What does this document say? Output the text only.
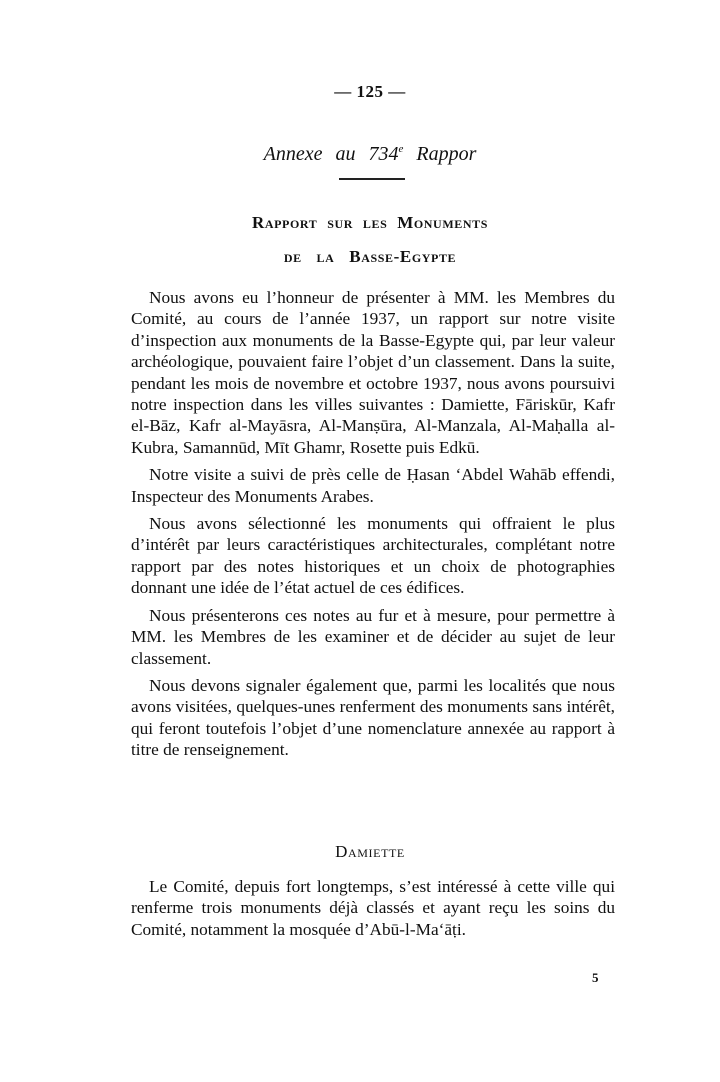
— 125 —
Annexe au 734e Rappor
Rapport sur les Monuments
de la Basse-Egypte

Nous avons eu l’honneur de présenter à MM. les Membres du Comité, au cours de l’année 1937, un rapport sur notre visite d’inspection aux monuments de la Basse-Egypte qui, par leur valeur archéologique, pouvaient faire l’objet d’un classement. Dans la suite, pendant les mois de novembre et octobre 1937, nous avons poursuivi notre inspection dans les villes suivantes : Damiette, Fāriskūr, Kafr el-Bāz, Kafr al-Mayāsra, Al-Manṣūra, Al-Manzala, Al-Maḥalla al-Kubra, Samannūd, Mīt Ghamr, Rosette puis Edkū.

Notre visite a suivi de près celle de Ḥasan ‘Abdel Wahāb effendi, Inspecteur des Monuments Arabes.

Nous avons sélectionné les monuments qui offraient le plus d’intérêt par leurs caractéristiques architecturales, complétant notre rapport par des notes historiques et un choix de photographies donnant une idée de l’état actuel de ces édifices.

Nous présenterons ces notes au fur et à mesure, pour permettre à MM. les Membres de les examiner et de décider au sujet de leur classement.

Nous devons signaler également que, parmi les localités que nous avons visitées, quelques-unes renferment des monuments sans intérêt, qui feront toutefois l’objet d’une nomenclature annexée au rapport à titre de renseignement.

Damiette

Le Comité, depuis fort longtemps, s’est intéressé à cette ville qui renferme trois monuments déjà classés et ayant reçu les soins du Comité, notamment la mosquée d’Abū-l-Ma‘āṭi.

5
